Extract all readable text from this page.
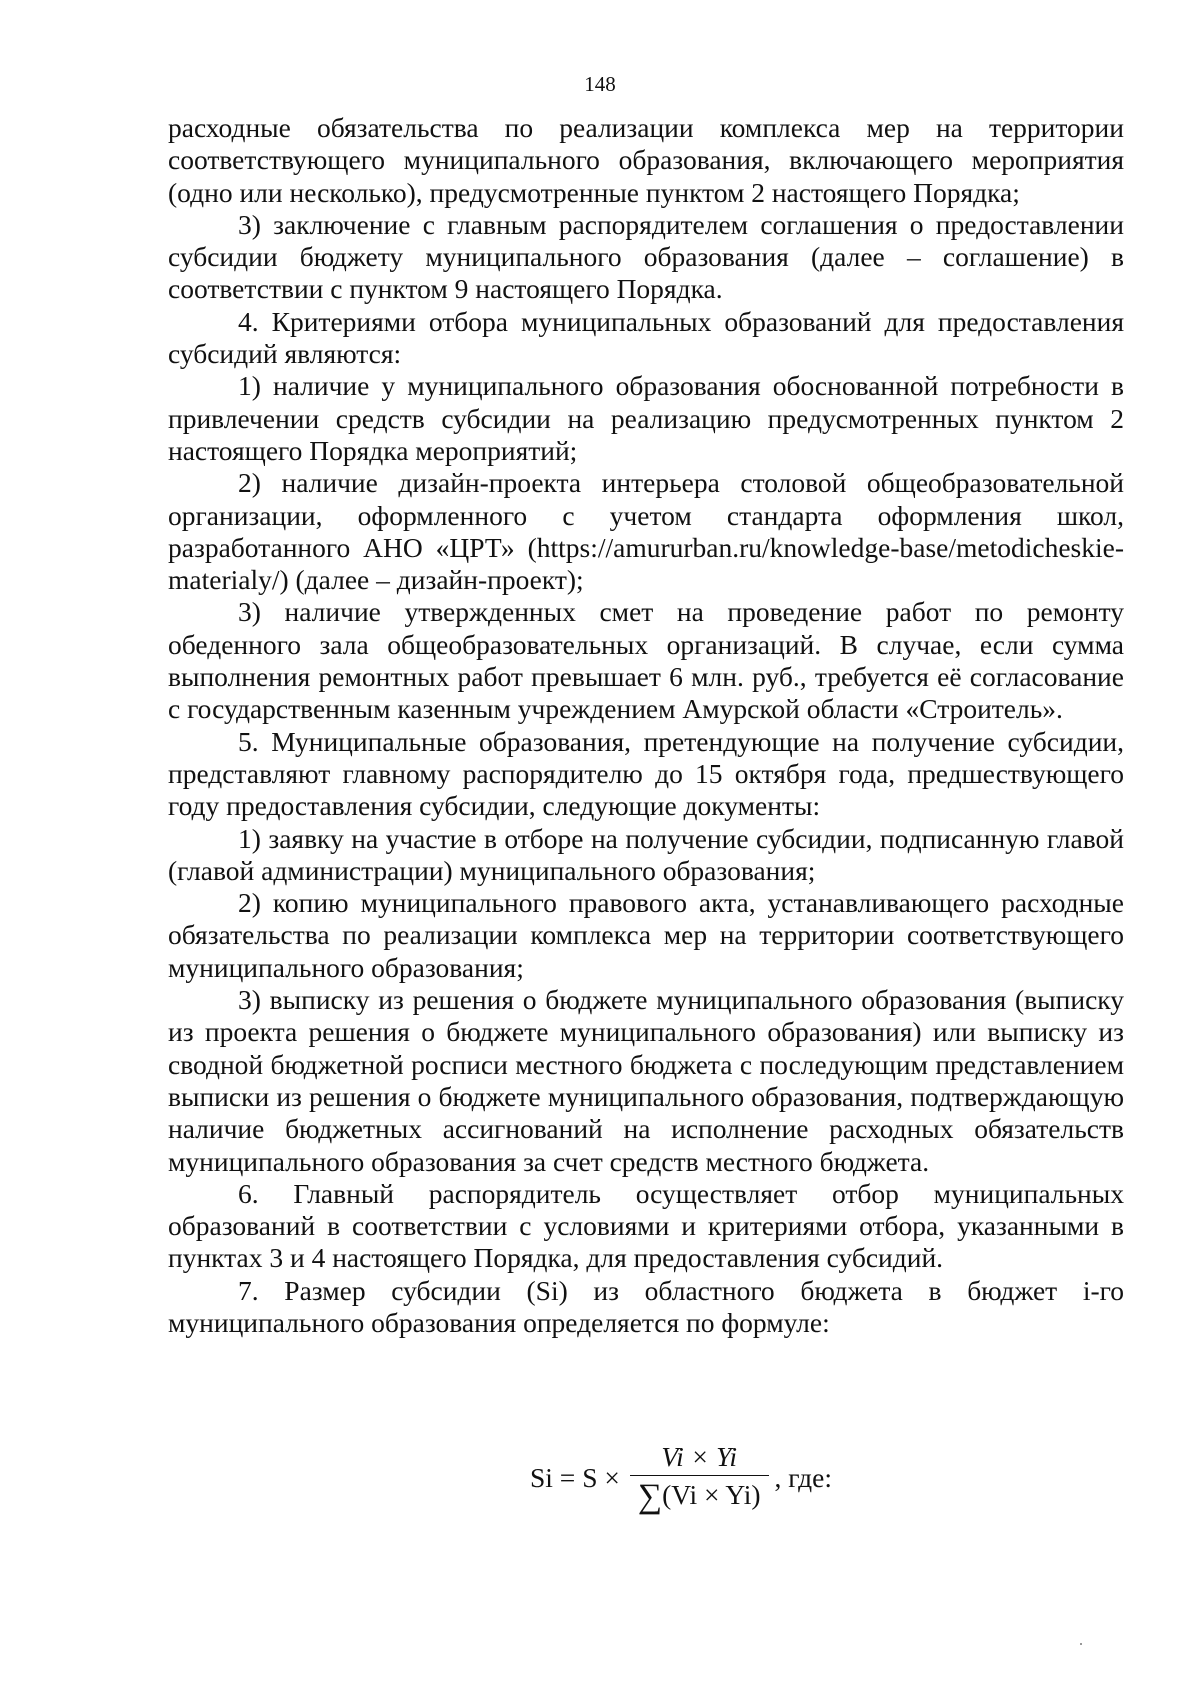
148

расходные обязательства по реализации комплекса мер на территории соответствующего муниципального образования, включающего мероприятия (одно или несколько), предусмотренные пунктом 2 настоящего Порядка;

3) заключение с главным распорядителем соглашения о предоставлении субсидии бюджету муниципального образования (далее – соглашение) в соответствии с пунктом 9 настоящего Порядка.

4. Критериями отбора муниципальных образований для предоставления субсидий являются:

1) наличие у муниципального образования обоснованной потребности в привлечении средств субсидии на реализацию предусмотренных пунктом 2 настоящего Порядка мероприятий;

2) наличие дизайн-проекта интерьера столовой общеобразовательной организации, оформленного с учетом стандарта оформления школ, разработанного АНО «ЦРТ» (https://amururban.ru/knowledge-base/metodicheskie-materialy/) (далее – дизайн-проект);

3) наличие утвержденных смет на проведение работ по ремонту обеденного зала общеобразовательных организаций. В случае, если сумма выполнения ремонтных работ превышает 6 млн. руб., требуется её согласование с государственным казенным учреждением Амурской области «Строитель».

5. Муниципальные образования, претендующие на получение субсидии, представляют главному распорядителю до 15 октября года, предшествующего году предоставления субсидии, следующие документы:

1) заявку на участие в отборе на получение субсидии, подписанную главой (главой администрации) муниципального образования;

2) копию муниципального правового акта, устанавливающего расходные обязательства по реализации комплекса мер на территории соответствующего муниципального образования;

3) выписку из решения о бюджете муниципального образования (выписку из проекта решения о бюджете муниципального образования) или выписку из сводной бюджетной росписи местного бюджета с последующим представлением выписки из решения о бюджете муниципального образования, подтверждающую наличие бюджетных ассигнований на исполнение расходных обязательств муниципального образования за счет средств местного бюджета.

6. Главный распорядитель осуществляет отбор муниципальных образований в соответствии с условиями и критериями отбора, указанными в пунктах 3 и 4 настоящего Порядка, для предоставления субсидий.

7. Размер субсидии (Si) из областного бюджета в бюджет i-го муниципального образования определяется по формуле:

$Si = S \times \frac{Vi \times Yi}{\sum(Vi \times Yi)}$ , где:
